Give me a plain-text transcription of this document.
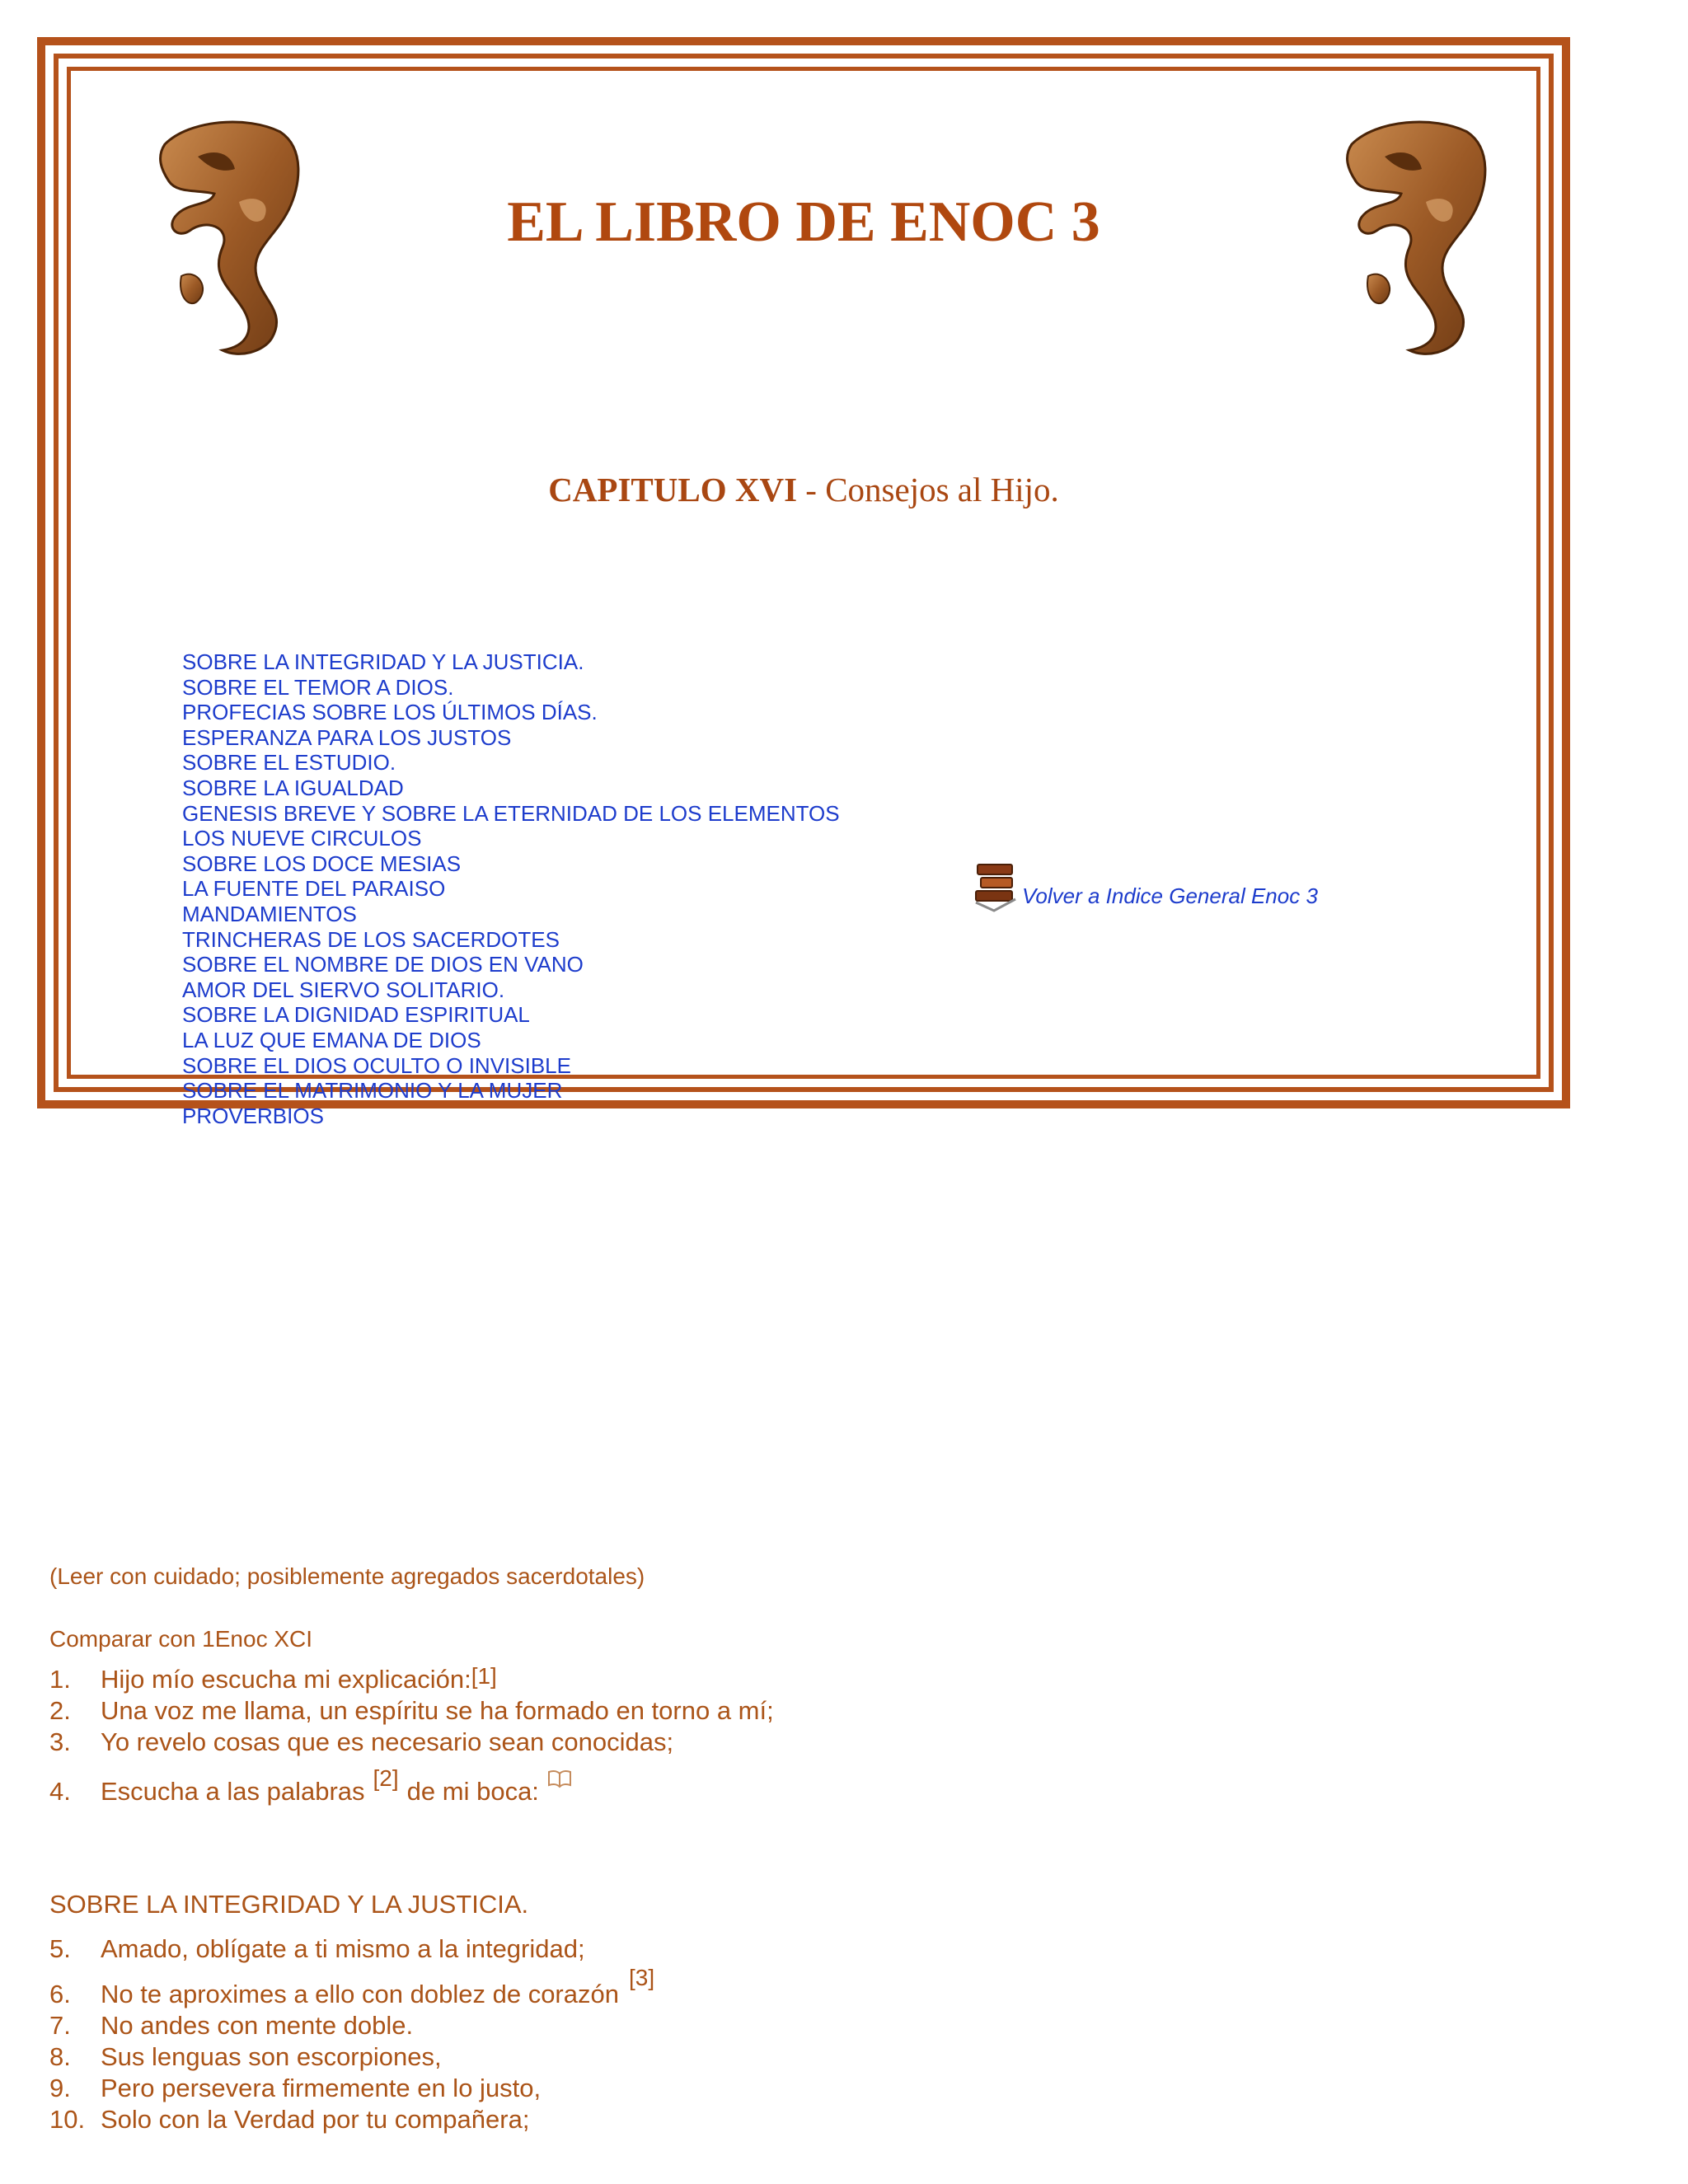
EL LIBRO DE ENOC 3
CAPITULO XVI - Consejos al Hijo.
SOBRE LA INTEGRIDAD Y LA JUSTICIA.
SOBRE EL TEMOR A DIOS.
PROFECIAS SOBRE LOS ÚLTIMOS DÍAS.
ESPERANZA PARA LOS JUSTOS
SOBRE EL ESTUDIO.
SOBRE LA IGUALDAD
GENESIS BREVE Y SOBRE LA ETERNIDAD DE LOS ELEMENTOS
LOS NUEVE CIRCULOS
SOBRE LOS DOCE MESIAS
LA FUENTE DEL PARAISO
MANDAMIENTOS
TRINCHERAS DE LOS SACERDOTES
SOBRE EL NOMBRE DE DIOS EN VANO
AMOR DEL SIERVO SOLITARIO.
SOBRE LA DIGNIDAD ESPIRITUAL
LA LUZ QUE EMANA DE DIOS
SOBRE EL DIOS OCULTO O INVISIBLE
SOBRE EL MATRIMONIO Y LA MUJER
PROVERBIOS
Volver a Indice General Enoc 3
(Leer con cuidado; posiblemente agregados sacerdotales)
Comparar con 1Enoc XCI
1.	Hijo mío escucha mi explicación:[1]
2.	Una voz me llama, un espíritu se ha formado en torno a mí;
3.	Yo revelo cosas que es necesario sean conocidas;
4.	Escucha a las palabras [2] de mi boca:
SOBRE LA INTEGRIDAD Y LA JUSTICIA.
5.	Amado, oblígate a ti mismo a la integridad;
6.	No te aproximes a ello con doblez de corazón
[3]
7.	No andes con mente doble.
8.	Sus lenguas son escorpiones,
9.	Pero persevera firmemente en lo justo,
10. Solo con la Verdad por tu compañera;
